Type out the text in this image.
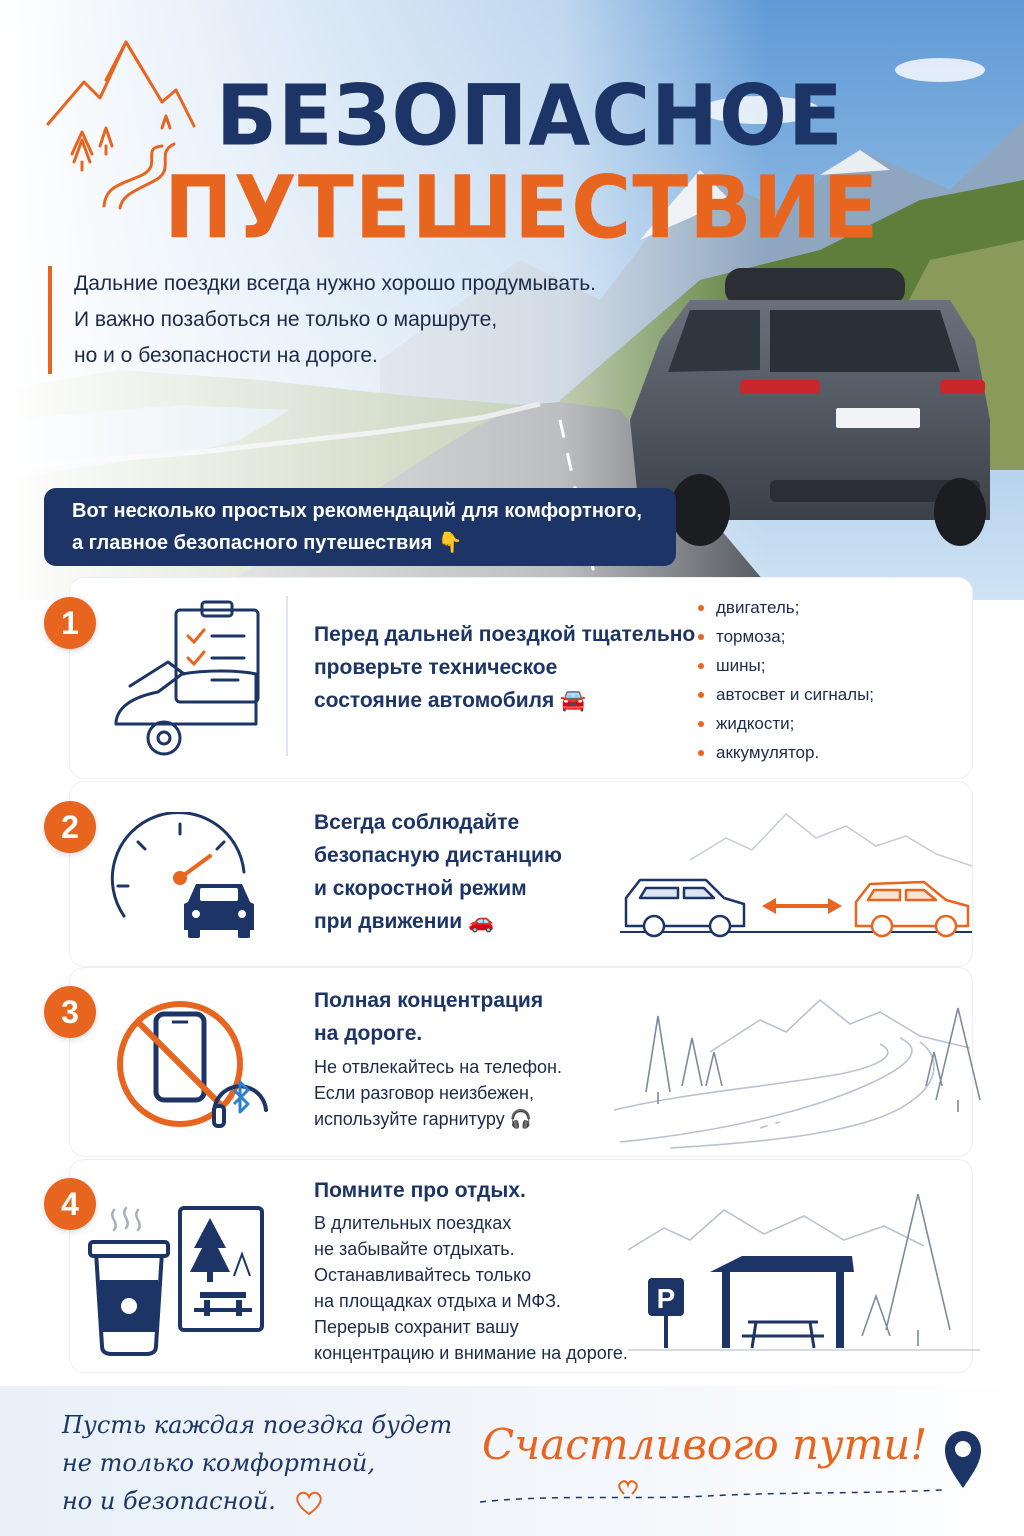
БЕЗОПАСНОЕ
ПУТЕШЕСТВИЕ
Дальние поездки всегда нужно хорошо продумывать.
И важно позаботься не только о маршруте,
но и о безопасности на дороге.
Вот несколько простых рекомендаций для комфортного,
а главное безопасного путешествия 👇
1	Перед дальней поездкой тщательно
проверьте техническое
состояние автомобиля 🚘
двигатель;
тормоза;
шины;
автосвет и сигналы;
жидкости;
аккумулятор.
2	Всегда соблюдайте
безопасную дистанцию
и скоростной режим
при движении 🚗
3	Полная концентрация
на дороге.
Не отвлекайтесь на телефон.
Если разговор неизбежен,
используйте гарнитуру 🎧
4	Помните про отдых.
В длительных поездках
не забывайте отдыхать.
Останавливайтесь только
на площадках отдыха и МФЗ.
Перерыв сохранит вашу
концентрацию и внимание на дороге.
P
Пусть каждая поездка будет
не только комфортной,
но и безопасной.
Счастливого пути!
